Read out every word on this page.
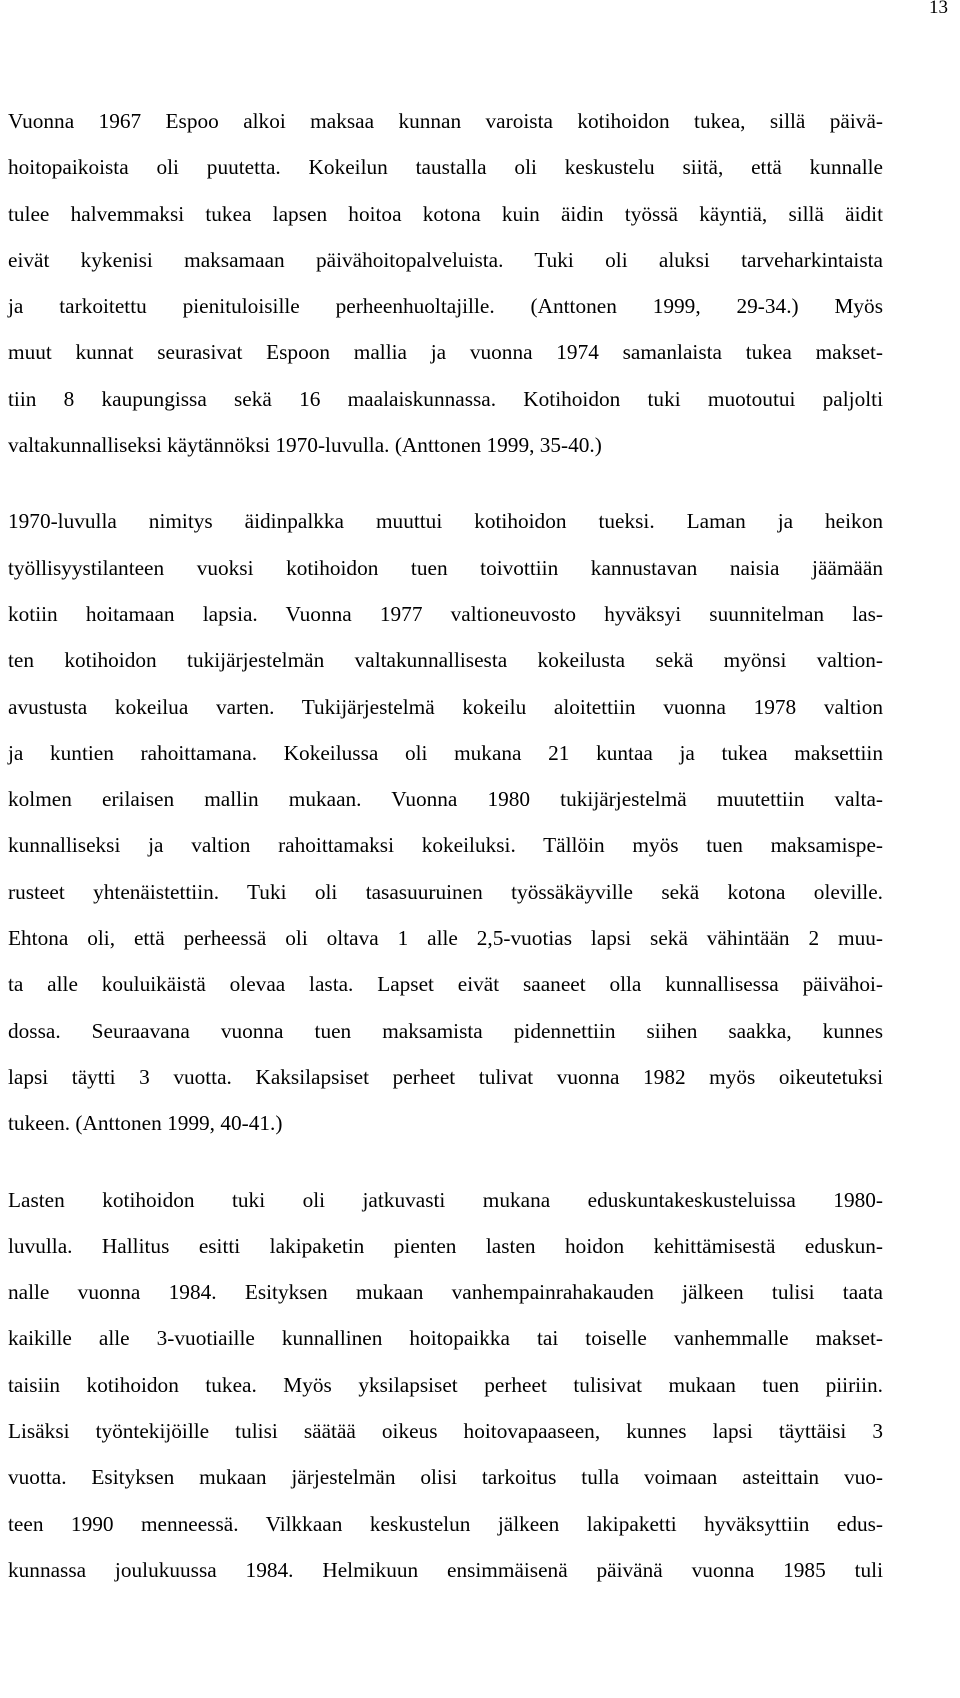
13

Vuonna 1967 Espoo alkoi maksaa kunnan varoista kotihoidon tukea, sillä päivä-
hoitopaikoista oli puutetta. Kokeilun taustalla oli keskustelu siitä, että kunnalle
tulee halvemmaksi tukea lapsen hoitoa kotona kuin äidin työssä käyntiä, sillä äidit
eivät kykenisi maksamaan päivähoitopalveluista. Tuki oli aluksi tarveharkintaista
ja tarkoitettu pienituloisille perheenhuoltajille. (Anttonen 1999, 29-34.) Myös
muut kunnat seurasivat Espoon mallia ja vuonna 1974 samanlaista tukea makset-
tiin 8 kaupungissa sekä 16 maalaiskunnassa. Kotihoidon tuki muotoutui paljolti
valtakunnalliseksi käytännöksi 1970-luvulla. (Anttonen 1999, 35-40.)

1970-luvulla nimitys äidinpalkka muuttui kotihoidon tueksi. Laman ja heikon
työllisyystilanteen vuoksi kotihoidon tuen toivottiin kannustavan naisia jäämään
kotiin hoitamaan lapsia. Vuonna 1977 valtioneuvosto hyväksyi suunnitelman las-
ten kotihoidon tukijärjestelmän valtakunnallisesta kokeilusta sekä myönsi valtion-
avustusta kokeilua varten. Tukijärjestelmä kokeilu aloitettiin vuonna 1978 valtion
ja kuntien rahoittamana. Kokeilussa oli mukana 21 kuntaa ja tukea maksettiin
kolmen erilaisen mallin mukaan. Vuonna 1980 tukijärjestelmä muutettiin valta-
kunnalliseksi ja valtion rahoittamaksi kokeiluksi. Tällöin myös tuen maksamispe-
rusteet yhtenäistettiin. Tuki oli tasasuuruinen työssäkäyville sekä kotona oleville.
Ehtona oli, että perheessä oli oltava 1 alle 2,5-vuotias lapsi sekä vähintään 2 muu-
ta alle kouluikäistä olevaa lasta. Lapset eivät saaneet olla kunnallisessa päivähoi-
dossa. Seuraavana vuonna tuen maksamista pidennettiin siihen saakka, kunnes
lapsi täytti 3 vuotta. Kaksilapsiset perheet tulivat vuonna 1982 myös oikeutetuksi
tukeen. (Anttonen 1999, 40-41.)

Lasten kotihoidon tuki oli jatkuvasti mukana eduskuntakeskusteluissa 1980-
luvulla. Hallitus esitti lakipaketin pienten lasten hoidon kehittämisestä eduskun-
nalle vuonna 1984. Esityksen mukaan vanhempainrahakauden jälkeen tulisi taata
kaikille alle 3-vuotiaille kunnallinen hoitopaikka tai toiselle vanhemmalle makset-
taisiin kotihoidon tukea. Myös yksilapsiset perheet tulisivat mukaan tuen piiriin.
Lisäksi työntekijöille tulisi säätää oikeus hoitovapaaseen, kunnes lapsi täyttäisi 3
vuotta. Esityksen mukaan järjestelmän olisi tarkoitus tulla voimaan asteittain vuo-
teen 1990 menneessä. Vilkkaan keskustelun jälkeen lakipaketti hyväksyttiin edus-
kunnassa joulukuussa 1984. Helmikuun ensimmäisenä päivänä vuonna 1985 tuli
